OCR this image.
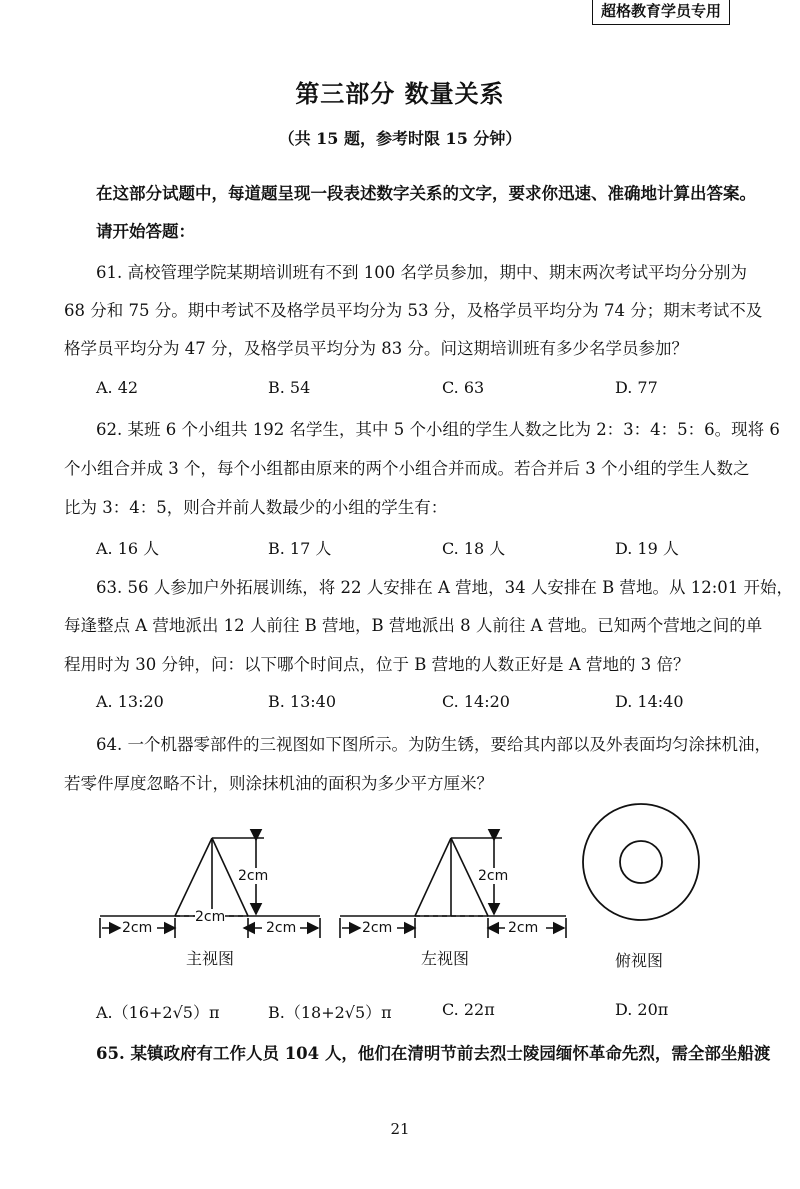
超格教育学员专用
第三部分 数量关系
（共 15 题，参考时限 15 分钟）
在这部分试题中，每道题呈现一段表述数字关系的文字，要求你迅速、准确地计算出答案。
请开始答题：
61. 高校管理学院某期培训班有不到 100 名学员参加，期中、期末两次考试平均分分别为
68 分和 75 分。期中考试不及格学员平均分为 53 分，及格学员平均分为 74 分；期末考试不及
格学员平均分为 47 分，及格学员平均分为 83 分。问这期培训班有多少名学员参加？
A. 42	B. 54	C. 63	D. 77
62. 某班 6 个小组共 192 名学生，其中 5 个小组的学生人数之比为 2：3：4：5：6。现将 6
个小组合并成 3 个，每个小组都由原来的两个小组合并而成。若合并后 3 个小组的学生人数之
比为 3：4：5，则合并前人数最少的小组的学生有：
A. 16 人	B. 17 人	C. 18 人	D. 19 人
63. 56 人参加户外拓展训练，将 22 人安排在 A 营地，34 人安排在 B 营地。从 12:01 开始，
每逢整点 A 营地派出 12 人前往 B 营地，B 营地派出 8 人前往 A 营地。已知两个营地之间的单
程用时为 30 分钟，问：以下哪个时间点，位于 B 营地的人数正好是 A 营地的 3 倍？
A. 13:20	B. 13:40	C. 14:20	D. 14:40
64. 一个机器零部件的三视图如下图所示。为防生锈，要给其内部以及外表面均匀涂抹机油，
若零件厚度忽略不计，则涂抹机油的面积为多少平方厘米？
2cm
2cm
2cm
2cm
2cm
2cm	2cm
主视图	左视图	俯视图
A.（16+2√5）π	B.（18+2√5）π	C. 22π	D. 20π
65. 某镇政府有工作人员 104 人，他们在清明节前去烈士陵园缅怀革命先烈，需全部坐船渡
21
